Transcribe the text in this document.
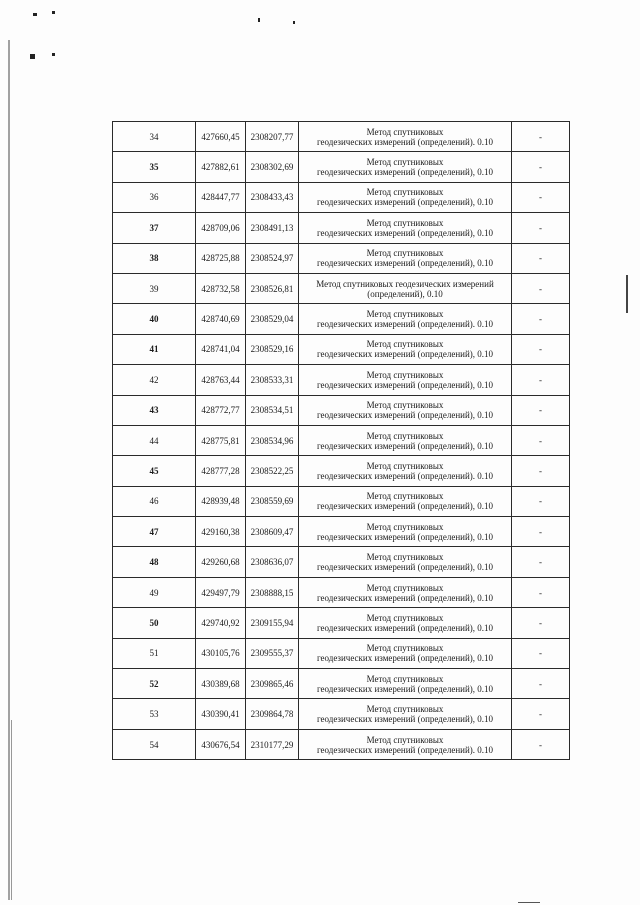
34	427660,45	2308207,77	Метод спутниковых
геодезических измерений (определений). 0.10	-
35	427882,61	2308302,69	Метод спутниковых
геодезических измерений (определений), 0.10	-
36	428447,77	2308433,43	Метод спутниковых
геодезических измерений (определений), 0.10	-
37	428709,06	2308491,13	Метод спутниковых
геодезических измерений (определений), 0.10	-
38	428725,88	2308524,97	Метод спутниковых
геодезических измерений (определений), 0.10	-
39	428732,58	2308526,81	Метод спутниковых геодезических измерений
(определений), 0.10	-
40	428740,69	2308529,04	Метод спутниковых
геодезических измерений (определений). 0.10	-
41	428741,04	2308529,16	Метод спутниковых
геодезических измерений (определений), 0.10	-
42	428763,44	2308533,31	Метод спутниковых
геодезических измерений (определений), 0.10	-
43	428772,77	2308534,51	Метод спутниковых
геодезических измерений (определений), 0.10	-
44	428775,81	2308534,96	Метод спутниковых
геодезических измерений (определений), 0.10	-
45	428777,28	2308522,25	Метод спутниковых
геодезических измерений (определений). 0.10	-
46	428939,48	2308559,69	Метод спутниковых
геодезических измерений (определений), 0.10	-
47	429160,38	2308609,47	Метод спутниковых
геодезических измерений (определений), 0.10	-
48	429260,68	2308636,07	Метод спутниковых
геодезических измерений (определений), 0.10	-
49	429497,79	2308888,15	Метод спутниковых
геодезических измерений (определений), 0.10	-
50	429740,92	2309155,94	Метод спутниковых
геодезических измерений (определений), 0.10	-
51	430105,76	2309555,37	Метод спутниковых
геодезических измерений (определений), 0.10	-
52	430389,68	2309865,46	Метод спутниковых
геодезических измерений (определений), 0.10	-
53	430390,41	2309864,78	Метод спутниковых
геодезических измерений (определений), 0.10	-
54	430676,54	2310177,29	Метод спутниковых
геодезических измерений (определений). 0.10	-
